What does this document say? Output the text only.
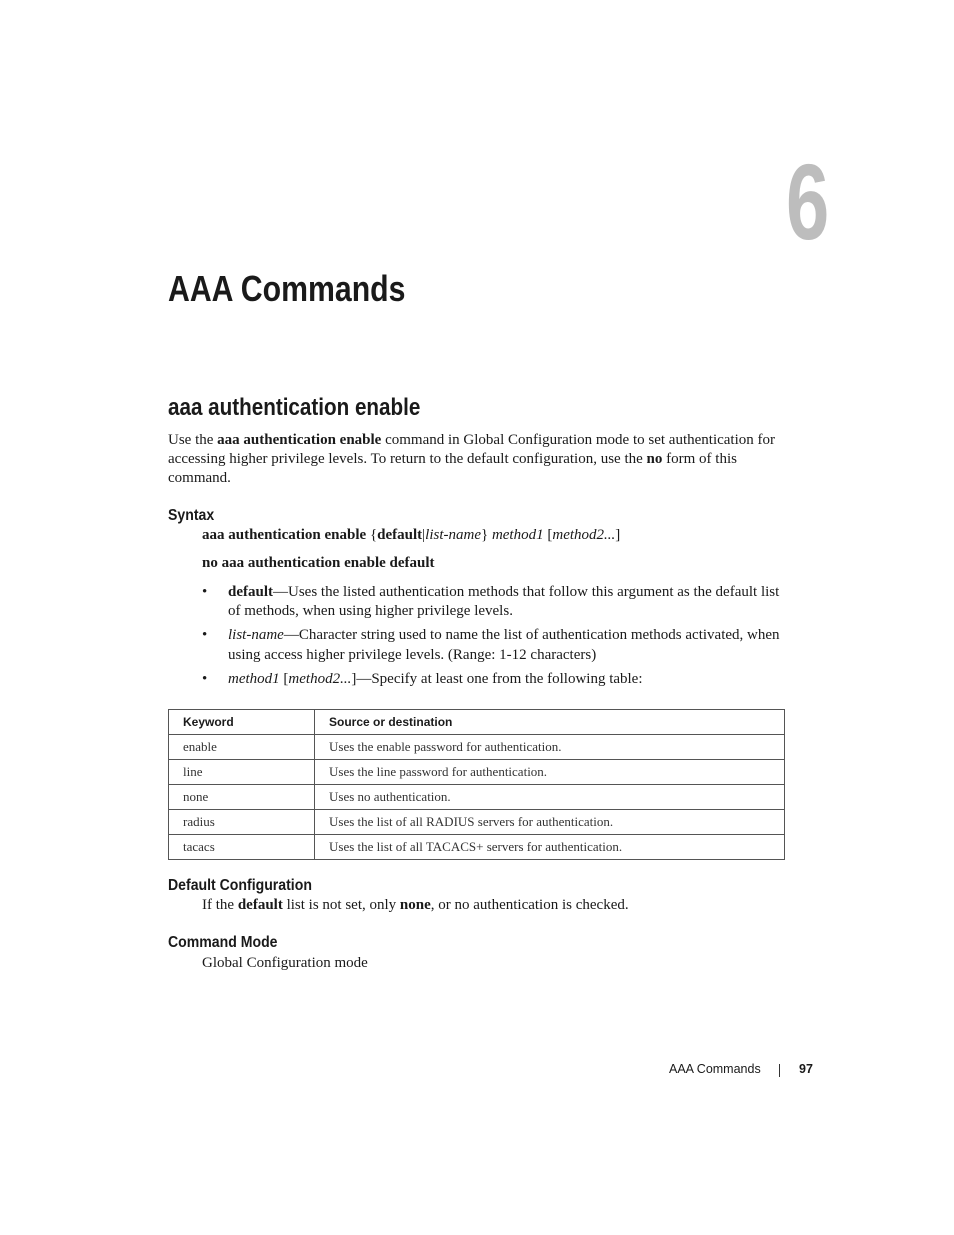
6
AAA Commands
aaa authentication enable

Use the aaa authentication enable command in Global Configuration mode to set authentication for accessing higher privilege levels. To return to the default configuration, use the no form of this command.

Syntax
aaa authentication enable {default|list-name} method1 [method2...]
no aaa authentication enable default
• default—Uses the listed authentication methods that follow this argument as the default list of methods, when using higher privilege levels.
• list-name—Character string used to name the list of authentication methods activated, when using access higher privilege levels. (Range: 1-12 characters)
• method1 [method2...]—Specify at least one from the following table:
Keyword	Source or destination
enable	Uses the enable password for authentication.
line	Uses the line password for authentication.
none	Uses no authentication.
radius	Uses the list of all RADIUS servers for authentication.
tacacs	Uses the list of all TACACS+ servers for authentication.
Default Configuration
If the default list is not set, only none, or no authentication is checked.
Command Mode
Global Configuration mode
AAA Commands	97
